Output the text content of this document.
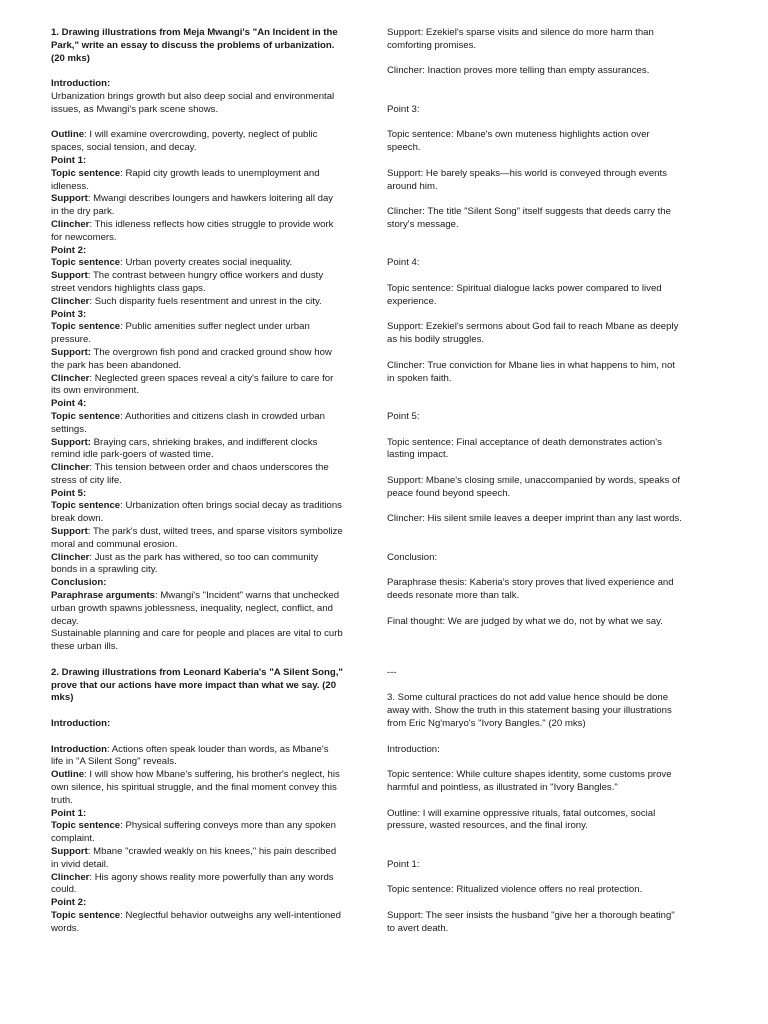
1. Drawing illustrations from Meja Mwangi's "An Incident in the Park," write an essay to discuss the problems of urbanization. (20 mks)
Introduction:
Urbanization brings growth but also deep social and environmental issues, as Mwangi's park scene shows.
Outline: I will examine overcrowding, poverty, neglect of public spaces, social tension, and decay.
Point 1:
Topic sentence: Rapid city growth leads to unemployment and idleness.
Support: Mwangi describes loungers and hawkers loitering all day in the dry park.
Clincher: This idleness reflects how cities struggle to provide work for newcomers.
Point 2:
Topic sentence: Urban poverty creates social inequality.
Support: The contrast between hungry office workers and dusty street vendors highlights class gaps.
Clincher: Such disparity fuels resentment and unrest in the city.
Point 3:
Topic sentence: Public amenities suffer neglect under urban pressure.
Support: The overgrown fish pond and cracked ground show how the park has been abandoned.
Clincher: Neglected green spaces reveal a city's failure to care for its own environment.
Point 4:
Topic sentence: Authorities and citizens clash in crowded urban settings.
Support: Braying cars, shrieking brakes, and indifferent clocks remind idle park-goers of wasted time.
Clincher: This tension between order and chaos underscores the stress of city life.
Point 5:
Topic sentence: Urbanization often brings social decay as traditions break down.
Support: The park's dust, wilted trees, and sparse visitors symbolize moral and communal erosion.
Clincher: Just as the park has withered, so too can community bonds in a sprawling city.
Conclusion:
Paraphrase arguments: Mwangi's "Incident" warns that unchecked urban growth spawns joblessness, inequality, neglect, conflict, and decay.
Sustainable planning and care for people and places are vital to curb these urban ills.
2. Drawing illustrations from Leonard Kaberia's "A Silent Song," prove that our actions have more impact than what we say. (20 mks)
Introduction:
Introduction: Actions often speak louder than words, as Mbane's life in "A Silent Song" reveals.
Outline: I will show how Mbane's suffering, his brother's neglect, his own silence, his spiritual struggle, and the final moment convey this truth.
Point 1:
Topic sentence: Physical suffering conveys more than any spoken complaint.
Support: Mbane "crawled weakly on his knees," his pain described in vivid detail.
Clincher: His agony shows reality more powerfully than any words could.
Point 2:
Topic sentence: Neglectful behavior outweighs any well-intentioned words.
Support: Ezekiel's sparse visits and silence do more harm than comforting promises.
Clincher: Inaction proves more telling than empty assurances.
Point 3:
Topic sentence: Mbane's own muteness highlights action over speech.
Support: He barely speaks—his world is conveyed through events around him.
Clincher: The title "Silent Song" itself suggests that deeds carry the story's message.
Point 4:
Topic sentence: Spiritual dialogue lacks power compared to lived experience.
Support: Ezekiel's sermons about God fail to reach Mbane as deeply as his bodily struggles.
Clincher: True conviction for Mbane lies in what happens to him, not in spoken faith.
Point 5:
Topic sentence: Final acceptance of death demonstrates action's lasting impact.
Support: Mbane's closing smile, unaccompanied by words, speaks of peace found beyond speech.
Clincher: His silent smile leaves a deeper imprint than any last words.
Conclusion:
Paraphrase thesis: Kaberia's story proves that lived experience and deeds resonate more than talk.
Final thought: We are judged by what we do, not by what we say.
---
3. Some cultural practices do not add value hence should be done away with. Show the truth in this statement basing your illustrations from Eric Ng'maryo's "Ivory Bangles." (20 mks)
Introduction:
Topic sentence: While culture shapes identity, some customs prove harmful and pointless, as illustrated in "Ivory Bangles."
Outline: I will examine oppressive rituals, fatal outcomes, social pressure, wasted resources, and the final irony.
Point 1:
Topic sentence: Ritualized violence offers no real protection.
Support: The seer insists the husband "give her a thorough beating" to avert death.
